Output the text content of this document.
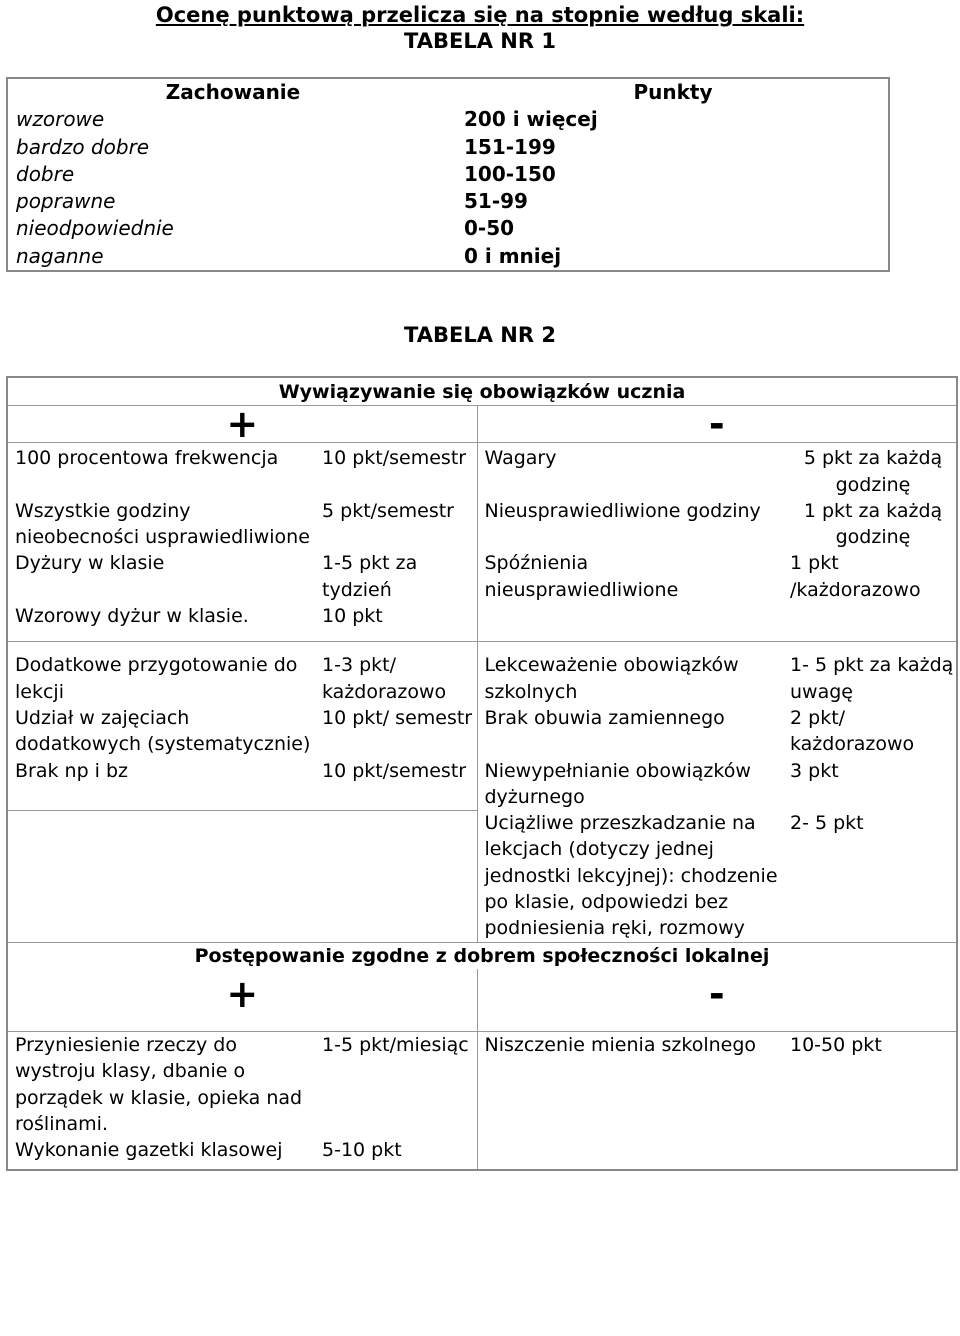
Ocenę punktową przelicza się na stopnie według skali:
TABELA NR 1
Zachowanie	Punkty
wzorowe	200 i więcej
bardzo dobre	151-199
dobre	100-150
poprawne	51-99
nieodpowiednie	0-50
naganne	0 i mniej
TABELA NR 2
Wywiązywanie się obowiązków ucznia			
+		-	
100 procentowa frekwencja	10 pkt/semestr	Wagary	5 pkt za każdą godzinę
Wszystkie godziny nieobecności usprawiedliwione	5 pkt/semestr	Nieusprawiedliwione godziny	1 pkt za każdą godzinę
Dyżury w klasie	1-5 pkt za tydzień	Spóźnienia nieusprawiedliwione	1 pkt /każdorazowo
Wzorowy dyżur w klasie.	10 pkt		
Dodatkowe przygotowanie do lekcji	1-3 pkt/ każdorazowo	Lekceważenie obowiązków szkolnych	1- 5 pkt za każdą uwagę
Udział w zajęciach dodatkowych (systematycznie)	10 pkt/ semestr	Brak obuwia zamiennego	2 pkt/ każdorazowo
Brak np i bz	10 pkt/semestr	Niewypełnianie obowiązków dyżurnego	3 pkt
		Uciążliwe przeszkadzanie na lekcjach (dotyczy jednej jednostki lekcyjnej): chodzenie po klasie, odpowiedzi bez podniesienia ręki, rozmowy	2- 5 pkt
Postępowanie zgodne z dobrem społeczności lokalnej			
+		-	
Przyniesienie rzeczy do wystroju klasy, dbanie o porządek w klasie, opieka nad roślinami.	1-5 pkt/miesiąc	Niszczenie mienia szkolnego	10-50 pkt
Wykonanie gazetki klasowej	5-10 pkt		
